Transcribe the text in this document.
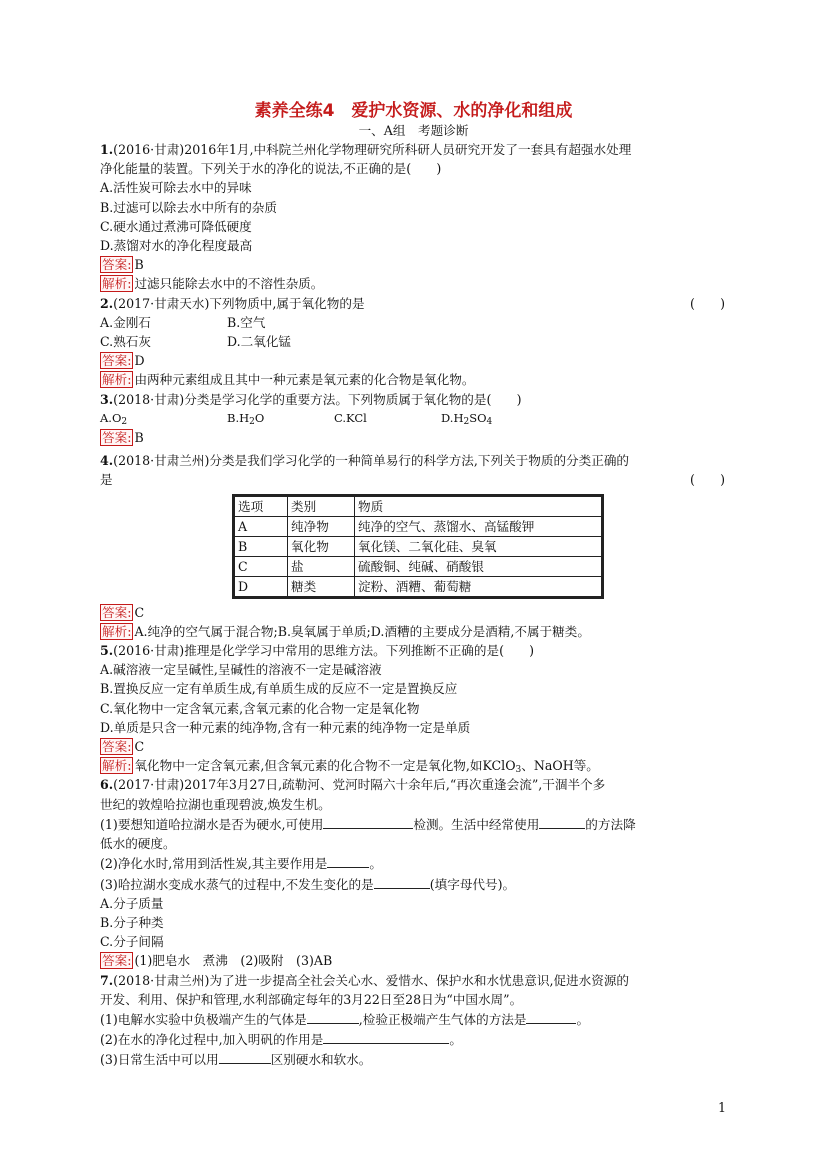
素养全练4　爱护水资源、水的净化和组成
一、A组　考题诊断
1.(2016·甘肃)2016年1月,中科院兰州化学物理研究所科研人员研究开发了一套具有超强水处理
净化能量的装置。下列关于水的净化的说法,不正确的是(　　)
A.活性炭可除去水中的异味
B.过滤可以除去水中所有的杂质
C.硬水通过煮沸可降低硬度
D.蒸馏对水的净化程度最高
答案: B
解析: 过滤只能除去水中的不溶性杂质。
2.(2017·甘肃天水)下列物质中,属于氧化物的是	(　　)
A.金刚石	B.空气
C.熟石灰	D.二氧化锰
答案: D
解析: 由两种元素组成且其中一种元素是氧元素的化合物是氧化物。
3.(2018·甘肃)分类是学习化学的重要方法。下列物质属于氧化物的是(　　)
$A.O_2$	$B.H_2O$	C.KCl	$D.H_2SO_4$
答案: B
4.(2018·甘肃兰州)分类是我们学习化学的一种简单易行的科学方法,下列关于物质的分类正确的
是	(　　)
选项	类别	物质
A	纯净物	纯净的空气、蒸馏水、高锰酸钾
B	氧化物	氧化镁、二氧化硅、臭氧
C	盐	硫酸铜、纯碱、硝酸银
D	糖类	淀粉、酒糟、葡萄糖
答案: C
解析: A.纯净的空气属于混合物;B.臭氧属于单质;D.酒糟的主要成分是酒精,不属于糖类。
5.(2016·甘肃)推理是化学学习中常用的思维方法。下列推断不正确的是(　　)
A.碱溶液一定呈碱性,呈碱性的溶液不一定是碱溶液
B.置换反应一定有单质生成,有单质生成的反应不一定是置换反应
C.氧化物中一定含氧元素,含氧元素的化合物一定是氧化物
D.单质是只含一种元素的纯净物,含有一种元素的纯净物一定是单质
答案: C
解析: 氧化物中一定含氧元素,但含氧元素的化合物不一定是氧化物,如KClO$_3$、NaOH等。
6.(2017·甘肃)2017年3月27日,疏勒河、党河时隔六十余年后,“再次重逢会流”,干涸半个多
世纪的敦煌哈拉湖也重现碧波,焕发生机。
(1)要想知道哈拉湖水是否为硬水,可使用	检测。生活中经常使用	的方法降
低水的硬度。
(2)净化水时,常用到活性炭,其主要作用是	。
(3)哈拉湖水变成水蒸气的过程中,不发生变化的是	(填字母代号)。
A.分子质量
B.分子种类
C.分子间隔
答案: (1)肥皂水　煮沸　(2)吸附　(3)AB
7.(2018·甘肃兰州)为了进一步提高全社会关心水、爱惜水、保护水和水忧患意识,促进水资源的
开发、利用、保护和管理,水利部确定每年的3月22日至28日为“中国水周”。
(1)电解水实验中负极端产生的气体是	,检验正极端产生气体的方法是	。
(2)在水的净化过程中,加入明矾的作用是	。
(3)日常生活中可以用	区别硬水和软水。
1
